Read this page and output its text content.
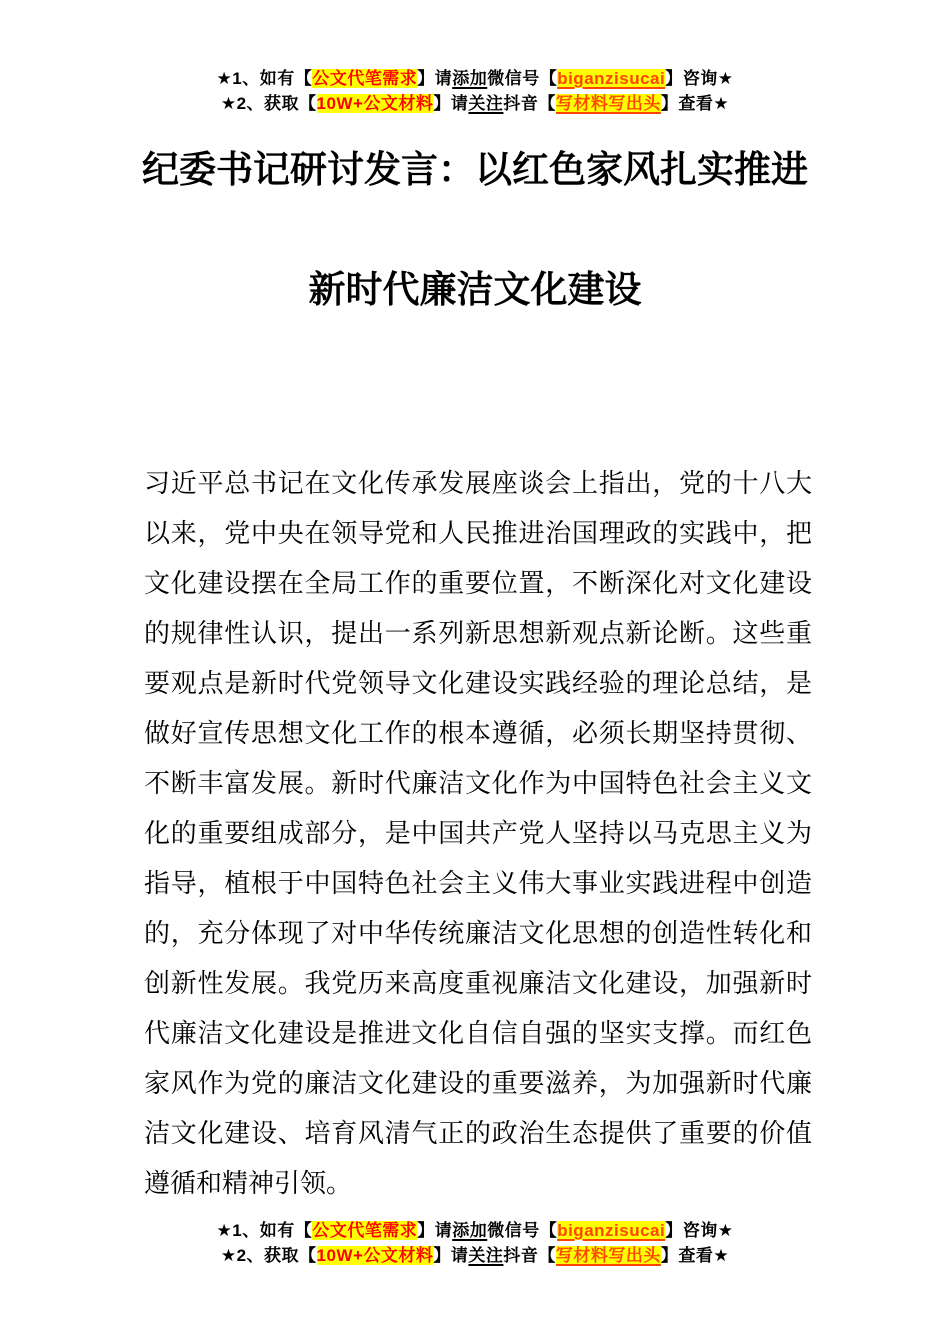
★1、如有【公文代笔需求】请添加微信号【biganzisucai】咨询★
★2、获取【10W+公文材料】请关注抖音【写材料写出头】查看★
纪委书记研讨发言：以红色家风扎实推进
新时代廉洁文化建设
习近平总书记在文化传承发展座谈会上指出，党的十八大
以来，党中央在领导党和人民推进治国理政的实践中，把
文化建设摆在全局工作的重要位置，不断深化对文化建设
的规律性认识，提出一系列新思想新观点新论断。这些重
要观点是新时代党领导文化建设实践经验的理论总结，是
做好宣传思想文化工作的根本遵循，必须长期坚持贯彻、
不断丰富发展。新时代廉洁文化作为中国特色社会主义文
化的重要组成部分，是中国共产党人坚持以马克思主义为
指导，植根于中国特色社会主义伟大事业实践进程中创造
的，充分体现了对中华传统廉洁文化思想的创造性转化和
创新性发展。我党历来高度重视廉洁文化建设，加强新时
代廉洁文化建设是推进文化自信自强的坚实支撑。而红色
家风作为党的廉洁文化建设的重要滋养，为加强新时代廉
洁文化建设、培育风清气正的政治生态提供了重要的价值
遵循和精神引领。
★1、如有【公文代笔需求】请添加微信号【biganzisucai】咨询★
★2、获取【10W+公文材料】请关注抖音【写材料写出头】查看★
